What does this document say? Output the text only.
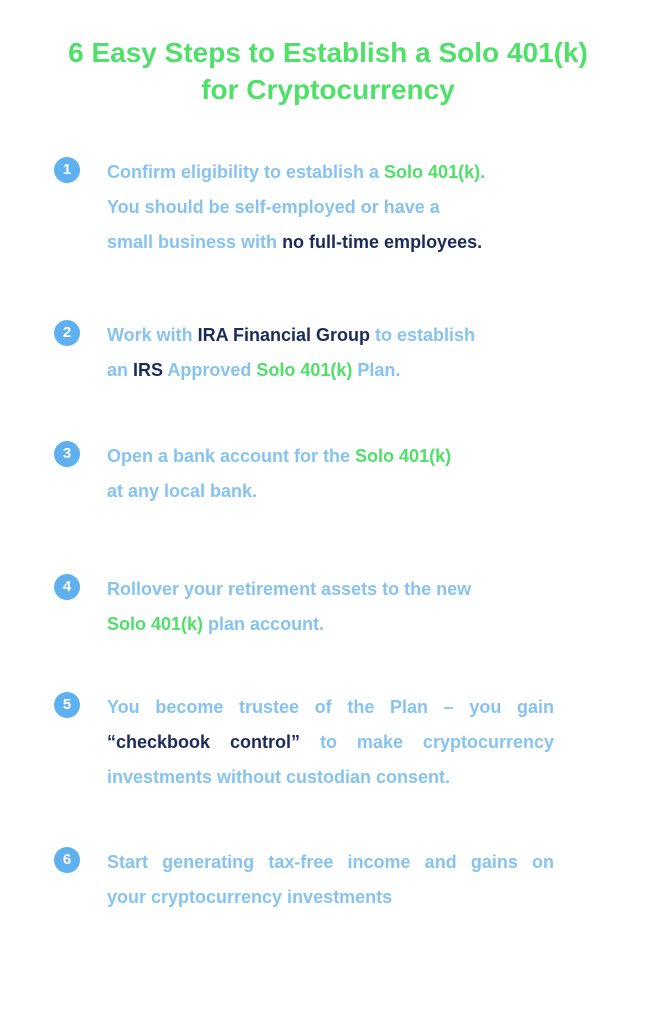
6 Easy Steps to Establish a Solo 401(k)
for Cryptocurrency
1	Confirm eligibility to establish a Solo 401(k).
You should be self-employed or have a
small business with no full-time employees.
2	Work with IRA Financial Group to establish
an IRS Approved Solo 401(k) Plan.
3	Open a bank account for the Solo 401(k)
at any local bank.
4	Rollover your retirement assets to the new
Solo 401(k) plan account.
5	You become trustee of the Plan – you gain
“checkbook control” to make cryptocurrency
investments without custodian consent.
6	Start generating tax-free income and gains on
your cryptocurrency investments
